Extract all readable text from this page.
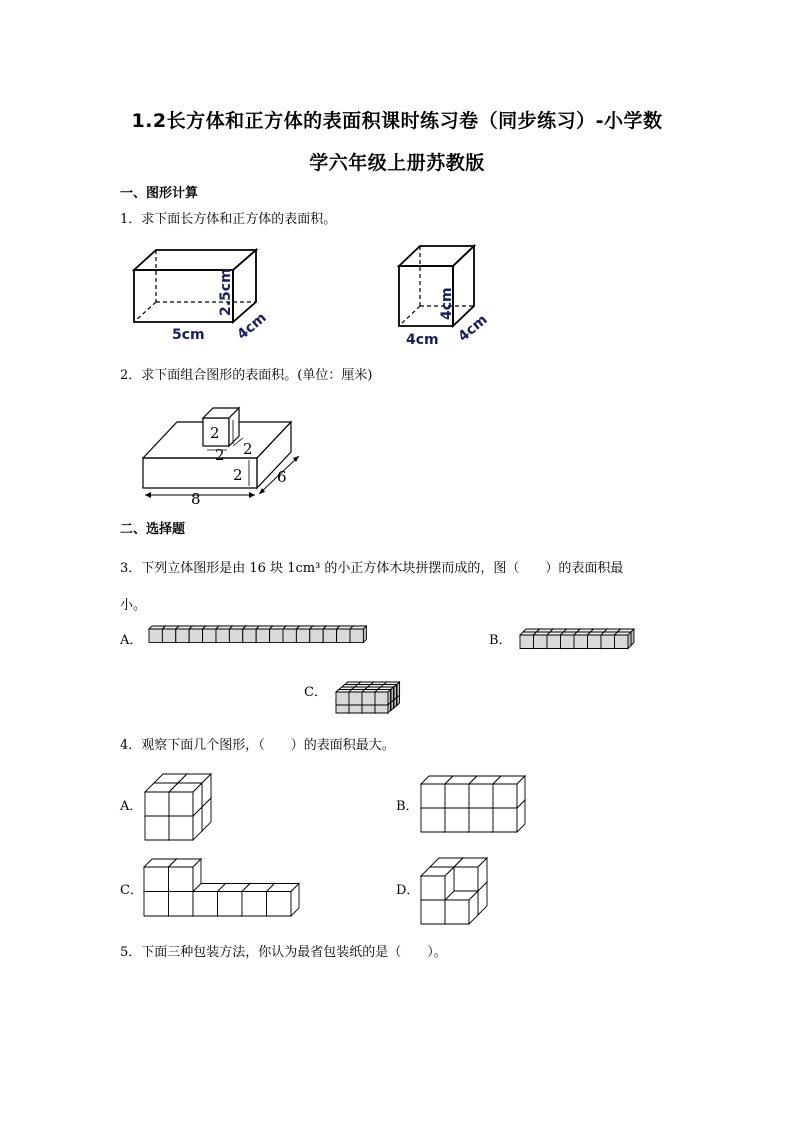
1.2长方体和正方体的表面积课时练习卷（同步练习）-小学数
学六年级上册苏教版
一、图形计算
1．求下面长方体和正方体的表面积。
5cm
2.5cm
4cm	4cm
4cm
4cm
2．求下面组合图形的表面积。(单位：厘米)
2
2
2
2
8
6
二、选择题
3．下列立体图形是由 16 块 1cm³ 的小正方体木块拼摆而成的，图（　　）的表面积最
小。
A．	B．
C．
4．观察下面几个图形，（　　）的表面积最大。
A．	B．
C．	D．
5．下面三种包装方法，你认为最省包装纸的是（　　）。
